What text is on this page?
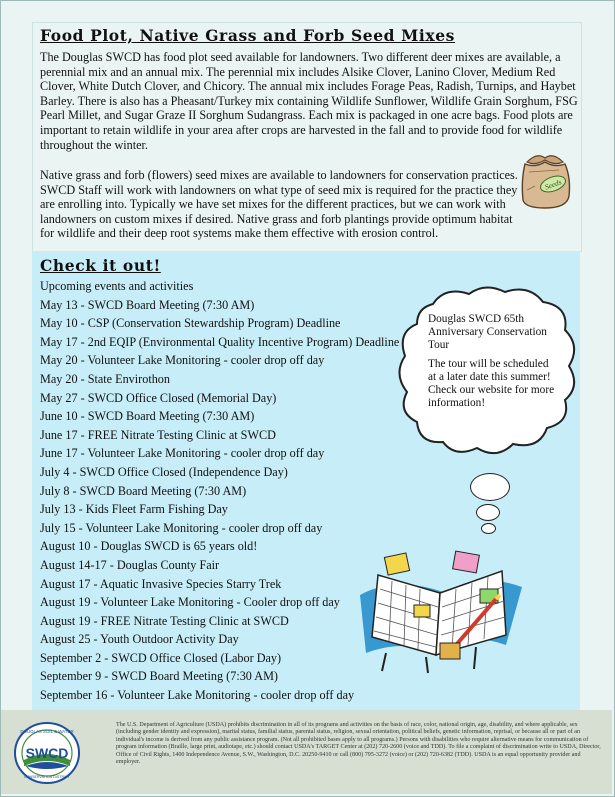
Food Plot, Native Grass and Forb Seed Mixes
The Douglas SWCD has food plot seed available for landowners. Two different deer mixes are available, a perennial mix and an annual mix. The perennial mix includes Alsike Clover, Lanino Clover, Medium Red Clover, White Dutch Clover, and Chicory. The annual mix includes Forage Peas, Radish, Turnips, and Haybet Barley. There is also has a Pheasant/Turkey mix containing Wildlife Sunflower, Wildlife Grain Sorghum, FSG Pearl Millet, and Sugar Graze II Sorghum Sudangrass. Each mix is packaged in one acre bags. Food plots are important to retain wildlife in your area after crops are harvested in the fall and to provide food for wildlife throughout the winter.
Native grass and forb (flowers) seed mixes are available to landowners for conservation practices. SWCD Staff will work with landowners on what type of seed mix is required for the practice they are enrolling into. Typically we have set mixes for the different practices, but we can work with landowners on custom mixes if desired. Native grass and forb plantings provide optimum habitat for wildlife and their deep root systems make them effective with erosion control.
Seeds
Check it out!
Upcoming events and activities
May 13 - SWCD Board Meeting (7:30 AM)
May 10 - CSP (Conservation Stewardship Program) Deadline
May 17 - 2nd EQIP (Environmental Quality Incentive Program) Deadline
May 20 - Volunteer Lake Monitoring - cooler drop off day
May 20 - State Envirothon
May 27 - SWCD Office Closed (Memorial Day)
June 10 - SWCD Board Meeting (7:30 AM)
June 17 - FREE Nitrate Testing Clinic at SWCD
June 17 - Volunteer Lake Monitoring - cooler drop off day
July 4 - SWCD Office Closed (Independence Day)
July 8 - SWCD Board Meeting (7:30 AM)
July 13 - Kids Fleet Farm Fishing Day
July 15 - Volunteer Lake Monitoring - cooler drop off day
August 10 - Douglas SWCD is 65 years old!
August 14-17 - Douglas County Fair
August 17 - Aquatic Invasive Species Starry Trek
August 19 - Volunteer Lake Monitoring - Cooler drop off day
August 19 - FREE Nitrate Testing Clinic at SWCD
August 25 - Youth Outdoor Activity Day
September 2 - SWCD Office Closed (Labor Day)
September 9 - SWCD Board Meeting (7:30 AM)
September 16 - Volunteer Lake Monitoring - cooler drop off day

Douglas SWCD 65th Anniversary Conservation Tour

The tour will be scheduled at a later date this summer! Check our website for more information!

SWCD
DOUGLAS SOIL & WATER
CONSERVATION DISTRICT
The U.S. Department of Agriculture (USDA) prohibits discrimination in all of its programs and activities on the basis of race, color, national origin, age, disability, and where applicable, sex (including gender identity and expression), marital status, familial status, parental status, religion, sexual orientation, political beliefs, genetic information, reprisal, or because all or part of an individual's income is derived from any public assistance program. (Not all prohibited bases apply to all programs.) Persons with disabilities who require alternative means for communication of program information (Braille, large print, audiotape, etc.) should contact USDA's TARGET Center at (202) 720-2600 (voice and TDD). To file a complaint of discrimination write to USDA, Director, Office of Civil Rights, 1400 Independence Avenue, S.W., Washington, D.C. 20250-9410 or call (800) 795-3272 (voice) or (202) 720-6382 (TDD). USDA is an equal opportunity provider and employer.
